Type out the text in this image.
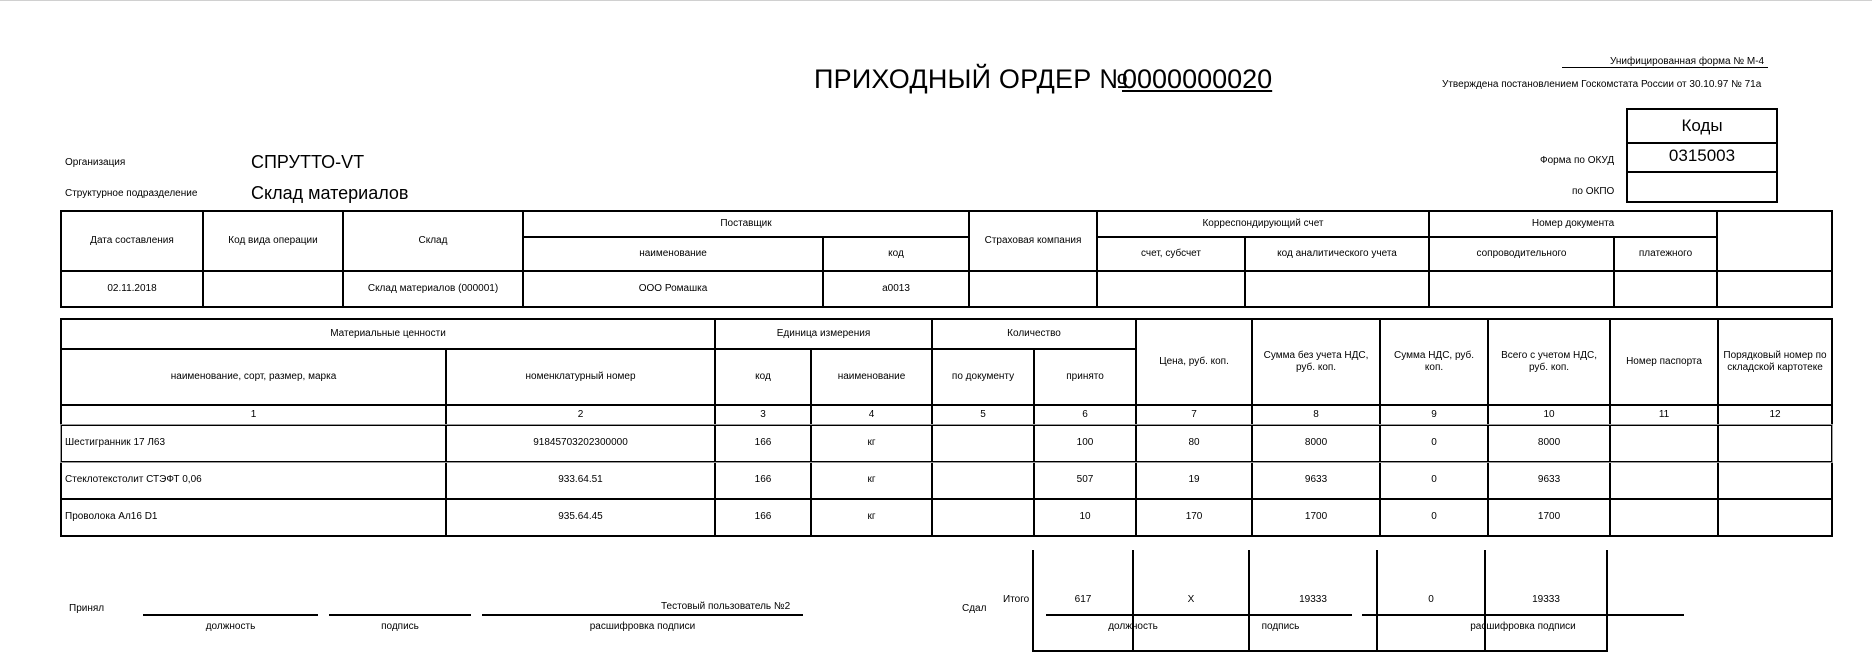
ПРИХОДНЫЙ ОРДЕР №
0000000020
Унифицированная форма № М-4
Утверждена постановлением Госкомстата России от 30.10.97 № 71а
Организация	СПРУТТО-VT
Структурное подразделение	Склад материалов
Форма по ОКУД
по ОКПО
Коды
0315003
Дата составления	Код вида операции	Склад	Поставщик		Страховая компания	Корреспондирующий счет		Номер документа		
			наименование	код		счет, субсчет	код аналитического учета	сопроводительного	платежного	
02.11.2018		Склад материалов (000001)	ООО Ромашка	а0013						
Материальные ценности		Единица измерения		Количество		Цена, руб. коп.	Сумма без учета НДС, руб. коп.	Сумма НДС, руб. коп.	Всего с учетом НДС, руб. коп.	Номер паспорта	Порядковый номер по складской картотеке
наименование, сорт, размер, марка	номенклатурный номер	код	наименование	по документу	принято						
1	2	3	4	5	6	7	8	9	10	11	12
Шестигранник 17 Л63	91845703202300000	166	кг		100	80	8000	0	8000		
Стеклотекстолит СТЭФТ 0,06	933.64.51	166	кг		507	19	9633	0	9633		
Проволока Ал16 D1	935.64.45	166	кг		10	170	1700	0	1700		
Итого	617	X	19333	0	19333
Принял	Тестовый пользователь №2
должность	подпись	расшифровка подписи
Сдал
должность	подпись	расшифровка подписи
